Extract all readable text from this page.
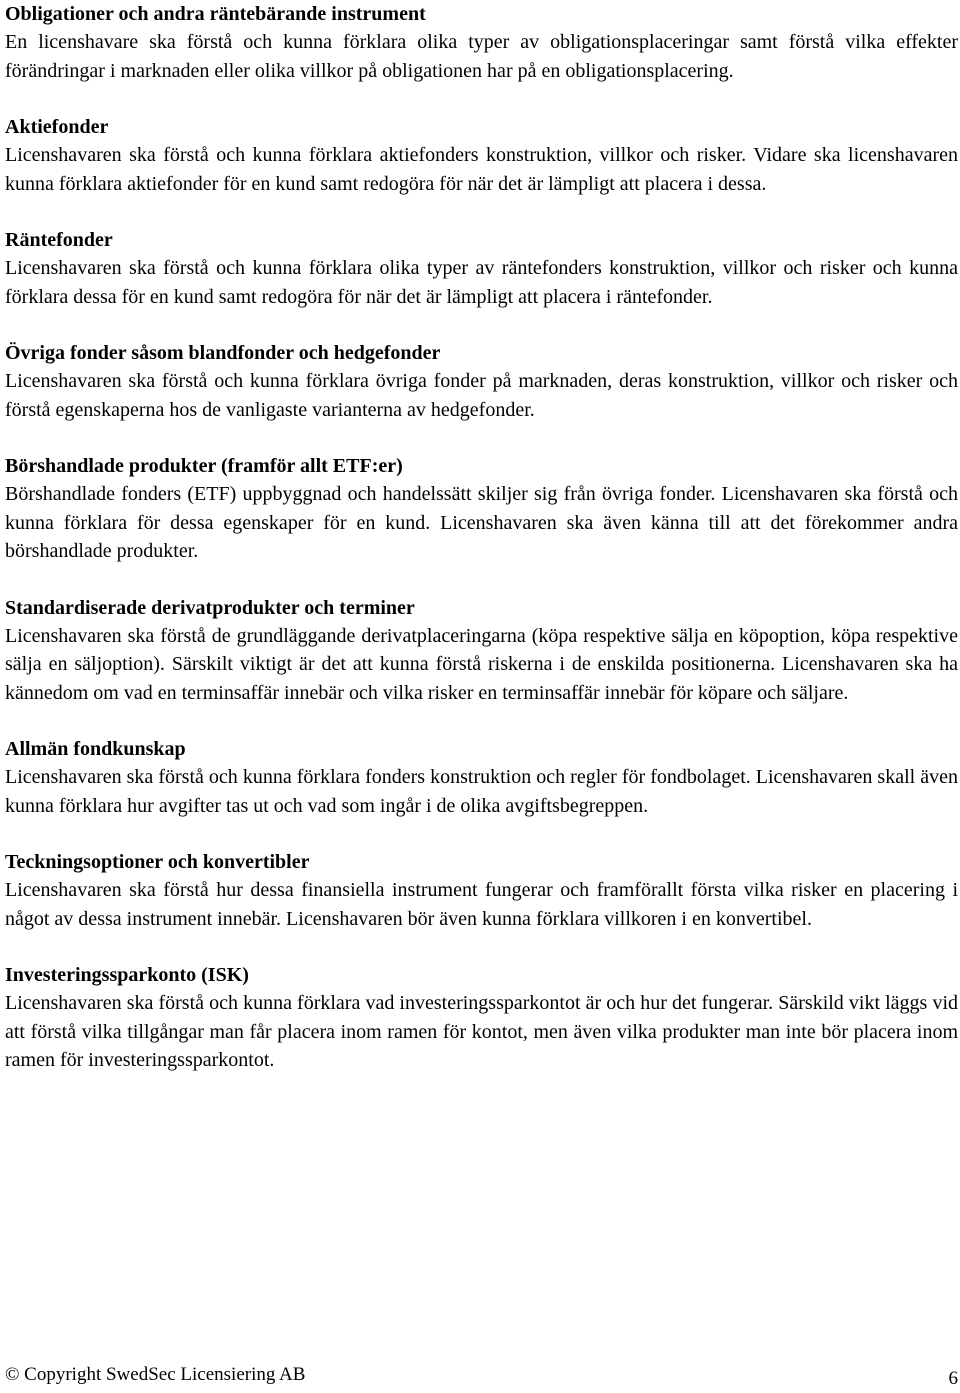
Obligationer och andra räntebärande instrument

En licenshavare ska förstå och kunna förklara olika typer av obligationsplaceringar samt förstå vilka effekter förändringar i marknaden eller olika villkor på obligationen har på en obligationsplacering.

Aktiefonder

Licenshavaren ska förstå och kunna förklara aktiefonders konstruktion, villkor och risker. Vidare ska licenshavaren kunna förklara aktiefonder för en kund samt redogöra för när det är lämpligt att placera i dessa.

Räntefonder

Licenshavaren ska förstå och kunna förklara olika typer av räntefonders konstruktion, villkor och risker och kunna förklara dessa för en kund samt redogöra för när det är lämpligt att placera i räntefonder.

Övriga fonder såsom blandfonder och hedgefonder

Licenshavaren ska förstå och kunna förklara övriga fonder på marknaden, deras konstruktion, villkor och risker och förstå egenskaperna hos de vanligaste varianterna av hedgefonder.

Börshandlade produkter (framför allt ETF:er)

Börshandlade fonders (ETF) uppbyggnad och handelssätt skiljer sig från övriga fonder. Licenshavaren ska förstå och kunna förklara för dessa egenskaper för en kund. Licenshavaren ska även känna till att det förekommer andra börshandlade produkter.

Standardiserade derivatprodukter och terminer

Licenshavaren ska förstå de grundläggande derivatplaceringarna (köpa respektive sälja en köpoption, köpa respektive sälja en säljoption). Särskilt viktigt är det att kunna förstå riskerna i de enskilda positionerna. Licenshavaren ska ha kännedom om vad en terminsaffär innebär och vilka risker en terminsaffär innebär för köpare och säljare.

Allmän fondkunskap

Licenshavaren ska förstå och kunna förklara fonders konstruktion och regler för fondbolaget. Licenshavaren skall även kunna förklara hur avgifter tas ut och vad som ingår i de olika avgiftsbegreppen.

Teckningsoptioner och konvertibler

Licenshavaren ska förstå hur dessa finansiella instrument fungerar och framförallt första vilka risker en placering i något av dessa instrument innebär. Licenshavaren bör även kunna förklara villkoren i en konvertibel.

Investeringssparkonto (ISK)

Licenshavaren ska förstå och kunna förklara vad investeringssparkontot är och hur det fungerar. Särskild vikt läggs vid att förstå vilka tillgångar man får placera inom ramen för kontot, men även vilka produkter man inte bör placera inom ramen för investeringssparkontot.

© Copyright SwedSec Licensiering AB	6
